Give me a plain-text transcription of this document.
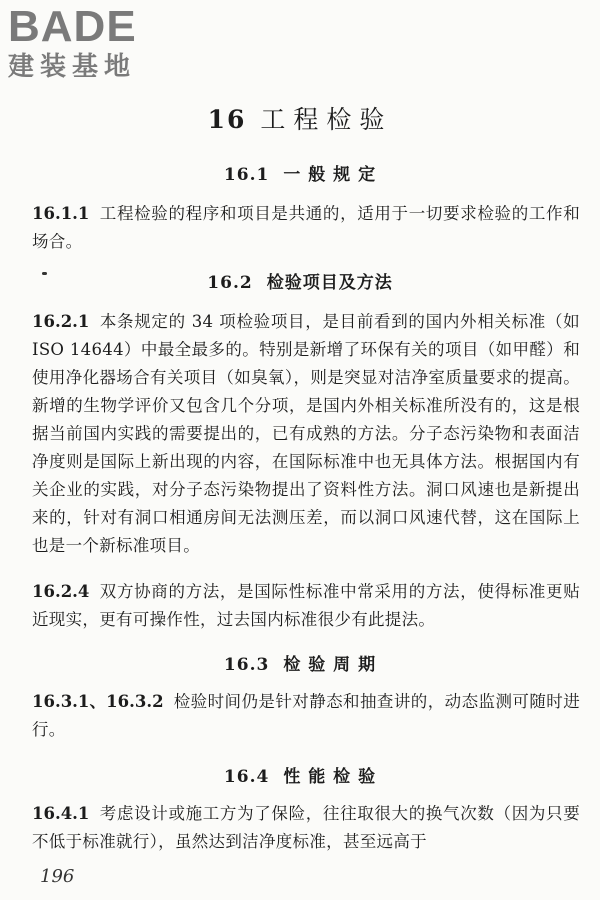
BADE
建装基地
16 工程检验
16.1 一 般 规 定

16.1.1 工程检验的程序和项目是共通的，适用于一切要求检验的工作和场合。

16.2 检验项目及方法

16.2.1 本条规定的 34 项检验项目，是目前看到的国内外相关标准（如ISO 14644）中最全最多的。特别是新增了环保有关的项目（如甲醛）和使用净化器场合有关项目（如臭氧），则是突显对洁净室质量要求的提高。新增的生物学评价又包含几个分项，是国内外相关标准所没有的，这是根据当前国内实践的需要提出的，已有成熟的方法。分子态污染物和表面洁净度则是国际上新出现的内容，在国际标准中也无具体方法。根据国内有关企业的实践，对分子态污染物提出了资料性方法。洞口风速也是新提出来的，针对有洞口相通房间无法测压差，而以洞口风速代替，这在国际上也是一个新标准项目。

16.2.4 双方协商的方法，是国际性标准中常采用的方法，使得标准更贴近现实，更有可操作性，过去国内标准很少有此提法。

16.3 检 验 周 期

16.3.1、16.3.2 检验时间仍是针对静态和抽查讲的，动态监测可随时进行。

16.4 性 能 检 验

16.4.1 考虑设计或施工方为了保险，往往取很大的换气次数（因为只要不低于标准就行），虽然达到洁净度标准，甚至远高于

196
